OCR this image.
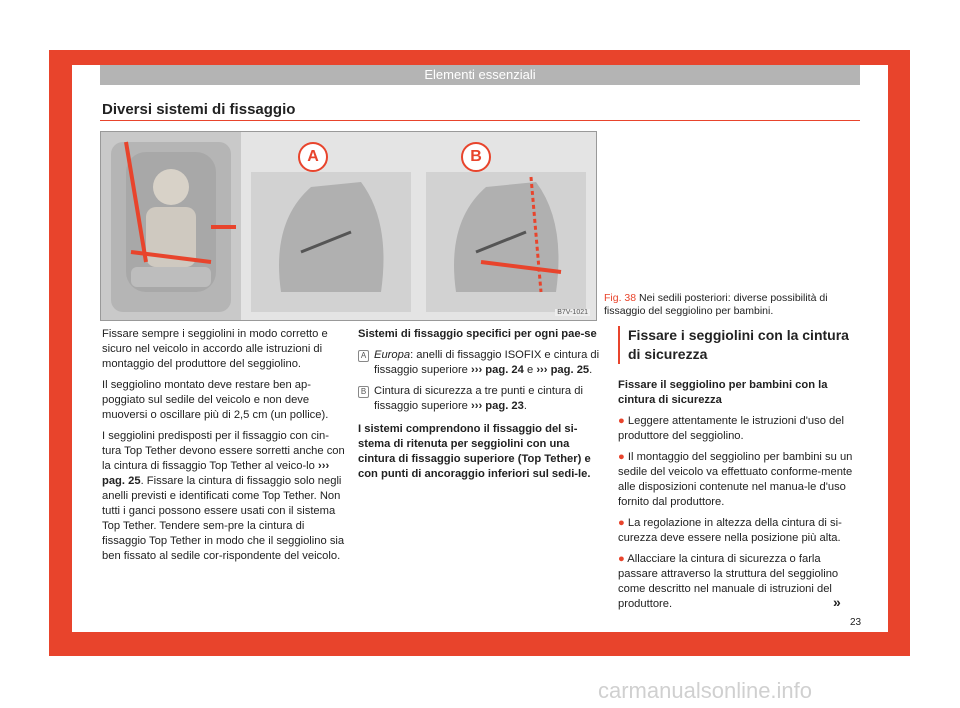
Elementi essenziali
Diversi sistemi di fissaggio
A	B
B7V-1021
Fig. 38 Nei sedili posteriori: diverse possibilità di fissaggio del seggiolino per bambini.

Fissare sempre i seggiolini in modo corretto e sicuro nel veicolo in accordo alle istruzioni di montaggio del produttore del seggiolino.

Il seggiolino montato deve restare ben ap-poggiato sul sedile del veicolo e non deve muoversi o oscillare più di 2,5 cm (un pollice).

I seggiolini predisposti per il fissaggio con cin-tura Top Tether devono essere sorretti anche con la cintura di fissaggio Top Tether al veico-lo ››› pag. 25. Fissare la cintura di fissaggio solo negli anelli previsti e identificati come Top Tether. Non tutti i ganci possono essere usati con il sistema Top Tether. Tendere sem-pre la cintura di fissaggio Top Tether in modo che il seggiolino sia ben fissato al sedile cor-rispondente del veicolo.

Sistemi di fissaggio specifici per ogni pae-se

A Europa: anelli di fissaggio ISOFIX e cintura di fissaggio superiore ››› pag. 24 e ››› pag. 25.
B Cintura di sicurezza a tre punti e cintura di fissaggio superiore ››› pag. 23.

I sistemi comprendono il fissaggio del si-stema di ritenuta per seggiolini con una cintura di fissaggio superiore (Top Tether) e con punti di ancoraggio inferiori sul sedi-le.

Fissare i seggiolini con la cintura di sicurezza

Fissare il seggiolino per bambini con la cintura di sicurezza

● Leggere attentamente le istruzioni d'uso del produttore del seggiolino.

● Il montaggio del seggiolino per bambini su un sedile del veicolo va effettuato conforme-mente alle disposizioni contenute nel manua-le d'uso fornito dal produttore.

● La regolazione in altezza della cintura di si-curezza deve essere nella posizione più alta.

● Allacciare la cintura di sicurezza o farla passare attraverso la struttura del seggiolino come descritto nel manuale di istruzioni del produttore.	»
23
carmanualsonline.info
